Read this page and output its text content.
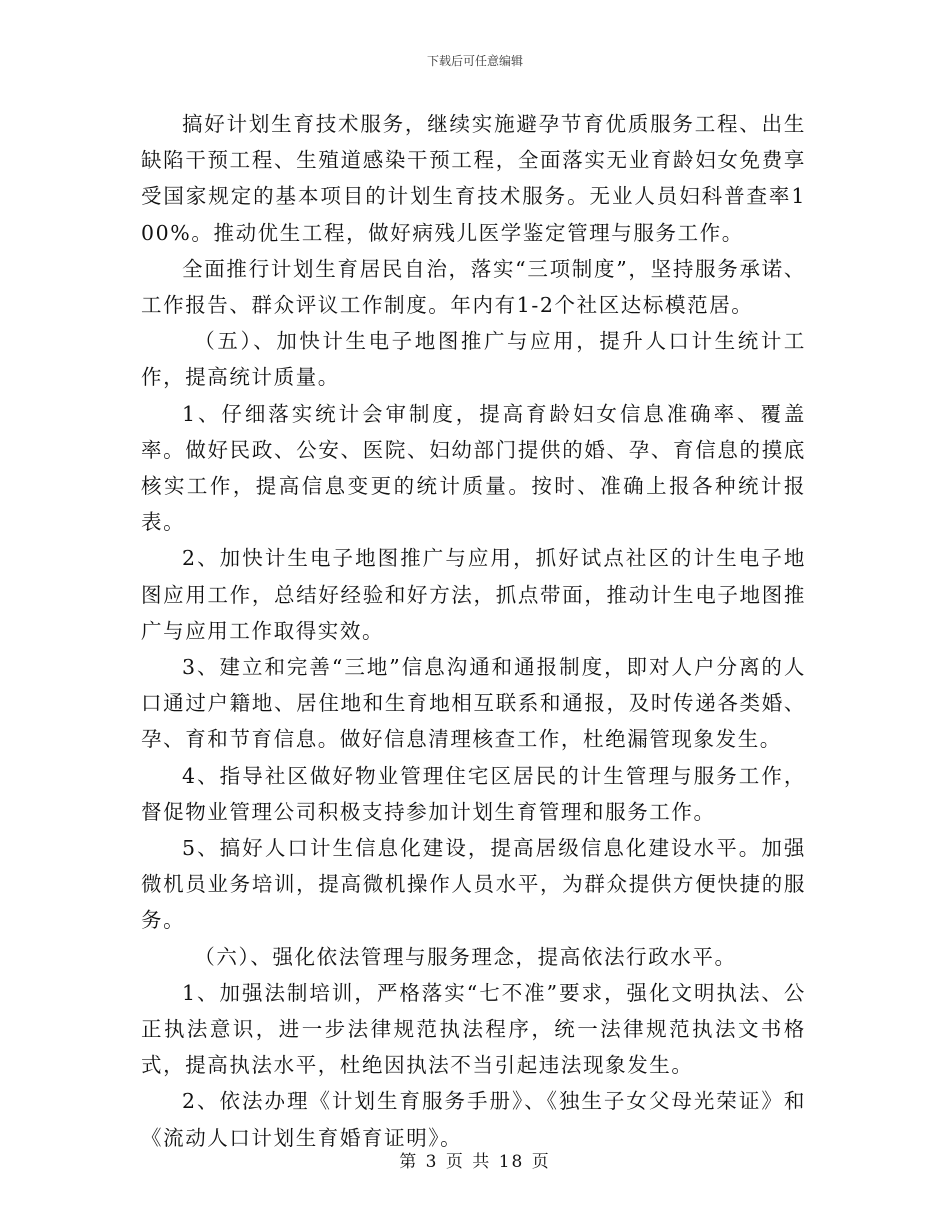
下载后可任意编辑

搞好计划生育技术服务，继续实施避孕节育优质服务工程、出生缺陷干预工程、生殖道感染干预工程，全面落实无业育龄妇女免费享受国家规定的基本项目的计划生育技术服务。无业人员妇科普查率100%。推动优生工程，做好病残儿医学鉴定管理与服务工作。

全面推行计划生育居民自治，落实“三项制度”，坚持服务承诺、工作报告、群众评议工作制度。年内有1-2个社区达标模范居。

（五）、加快计生电子地图推广与应用，提升人口计生统计工作，提高统计质量。

1、仔细落实统计会审制度，提高育龄妇女信息准确率、覆盖率。做好民政、公安、医院、妇幼部门提供的婚、孕、育信息的摸底核实工作，提高信息变更的统计质量。按时、准确上报各种统计报表。

2、加快计生电子地图推广与应用，抓好试点社区的计生电子地图应用工作，总结好经验和好方法，抓点带面，推动计生电子地图推广与应用工作取得实效。

3、建立和完善“三地”信息沟通和通报制度，即对人户分离的人口通过户籍地、居住地和生育地相互联系和通报，及时传递各类婚、孕、育和节育信息。做好信息清理核查工作，杜绝漏管现象发生。

4、指导社区做好物业管理住宅区居民的计生管理与服务工作，督促物业管理公司积极支持参加计划生育管理和服务工作。

5、搞好人口计生信息化建设，提高居级信息化建设水平。加强微机员业务培训，提高微机操作人员水平，为群众提供方便快捷的服务。

（六）、强化依法管理与服务理念，提高依法行政水平。

1、加强法制培训，严格落实“七不准”要求，强化文明执法、公正执法意识，进一步法律规范执法程序，统一法律规范执法文书格式，提高执法水平，杜绝因执法不当引起违法现象发生。

2、依法办理《计划生育服务手册》、《独生子女父母光荣证》和《流动人口计划生育婚育证明》。

第 3 页 共 18 页
